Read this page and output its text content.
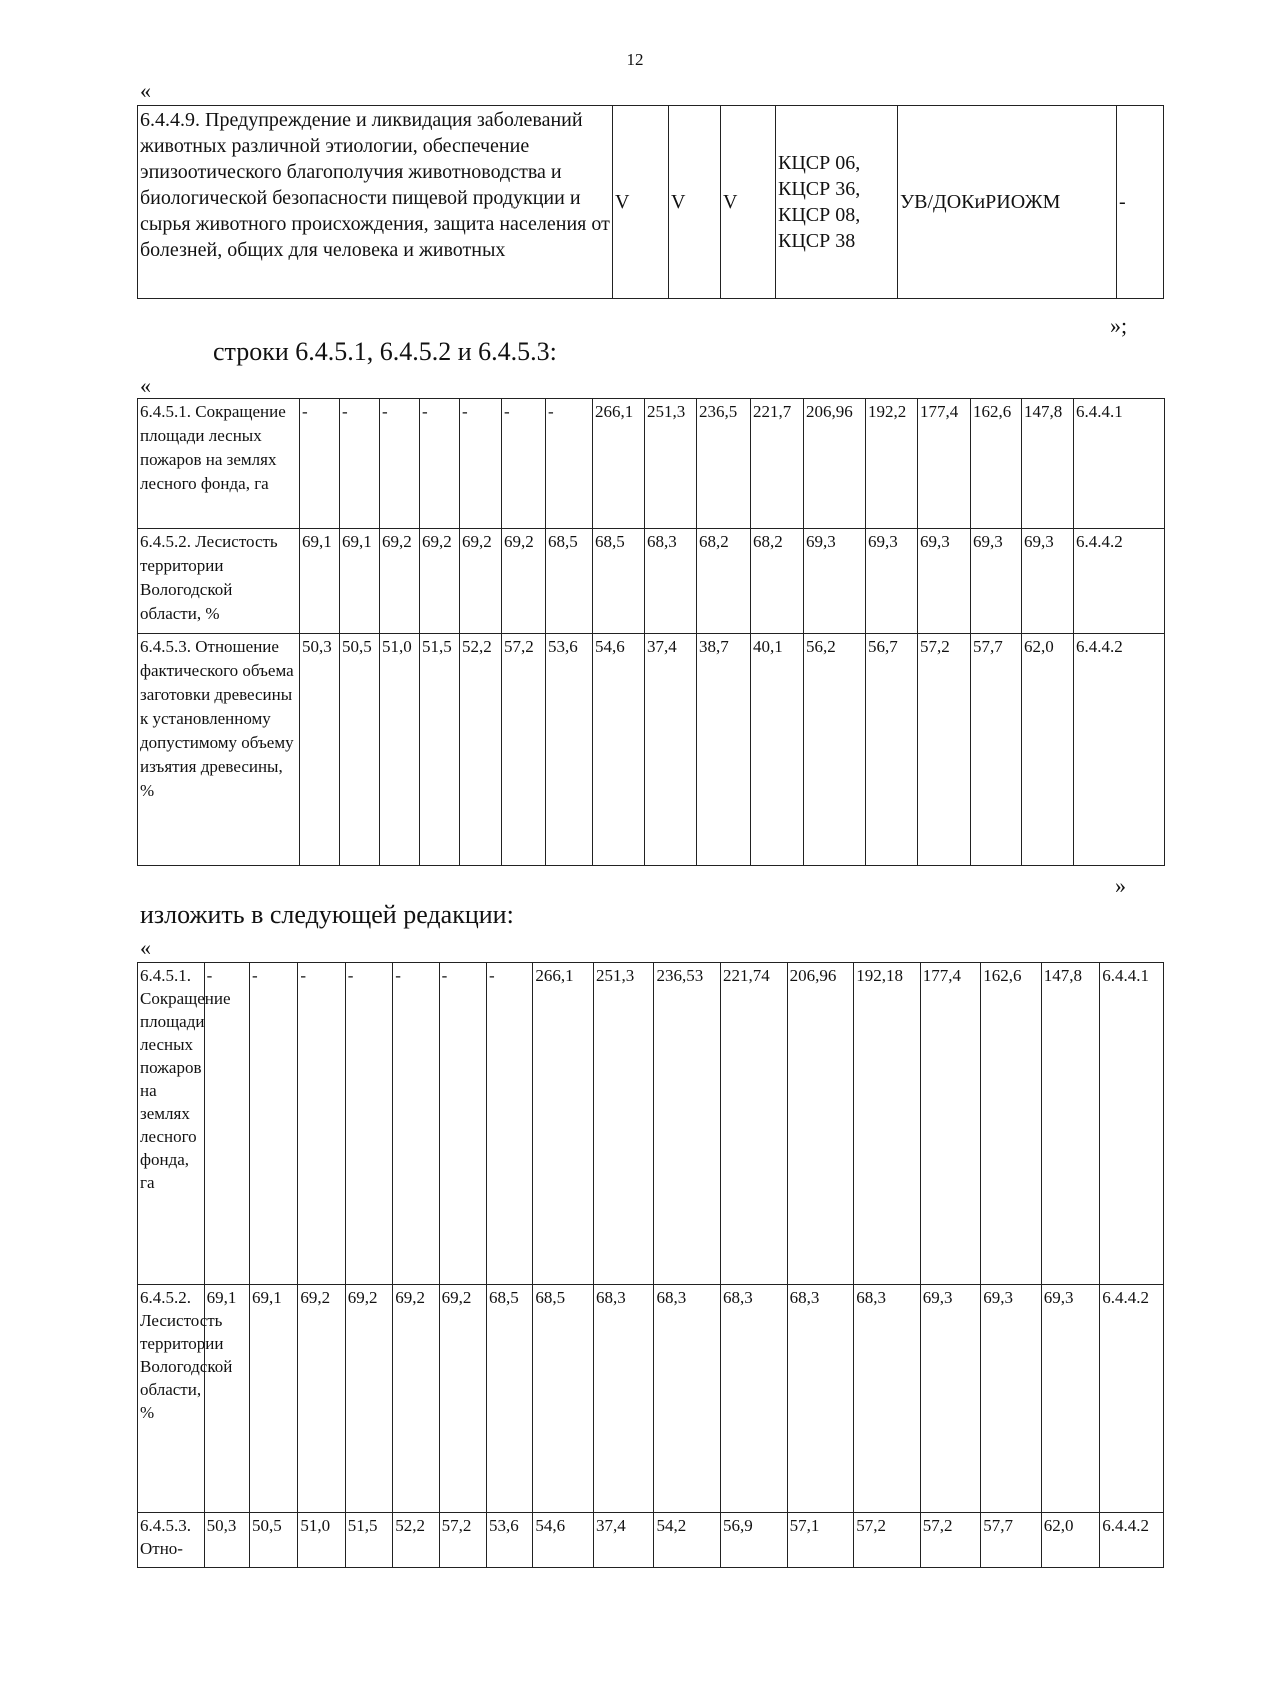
12
«
6.4.4.9. Предупреждение и ликвидация заболеваний животных различной этиологии, обеспечение эпизоотического благополучия животноводства и биологической безопасности пищевой продукции и сырья животного происхождения, защита населения от болезней, общих для человека и животных	V	V	V	КЦСР 06, КЦСР 36, КЦСР 08, КЦСР 38	УВ/ДОКиРИОЖМ	-
»;
строки 6.4.5.1, 6.4.5.2 и 6.4.5.3:
«
6.4.5.1. Сокращение площади лесных пожаров на землях лесного фонда, га	-	-	-	-	-	-	-	266,1	251,3	236,5	221,7	206,96	192,2	177,4	162,6	147,8	6.4.4.1
6.4.5.2. Лесистость территории Вологодской области, %	69,1	69,1	69,2	69,2	69,2	69,2	68,5	68,5	68,3	68,2	68,2	69,3	69,3	69,3	69,3	69,3	6.4.4.2
6.4.5.3. Отношение фактического объема заготовки древесины к установленному допустимому объему изъятия древесины, %	50,3	50,5	51,0	51,5	52,2	57,2	53,6	54,6	37,4	38,7	40,1	56,2	56,7	57,2	57,7	62,0	6.4.4.2
»
изложить в следующей редакции:
«
6.4.5.1. Сокращение площади лесных пожаров на землях лесного фонда, га	-	-	-	-	-	-	-	266,1	251,3	236,53	221,74	206,96	192,18	177,4	162,6	147,8	6.4.4.1
6.4.5.2. Лесистость территории Вологодской области, %	69,1	69,1	69,2	69,2	69,2	69,2	68,5	68,5	68,3	68,3	68,3	68,3	68,3	69,3	69,3	69,3	6.4.4.2
6.4.5.3. Отно-	50,3	50,5	51,0	51,5	52,2	57,2	53,6	54,6	37,4	54,2	56,9	57,1	57,2	57,2	57,7	62,0	6.4.4.2
